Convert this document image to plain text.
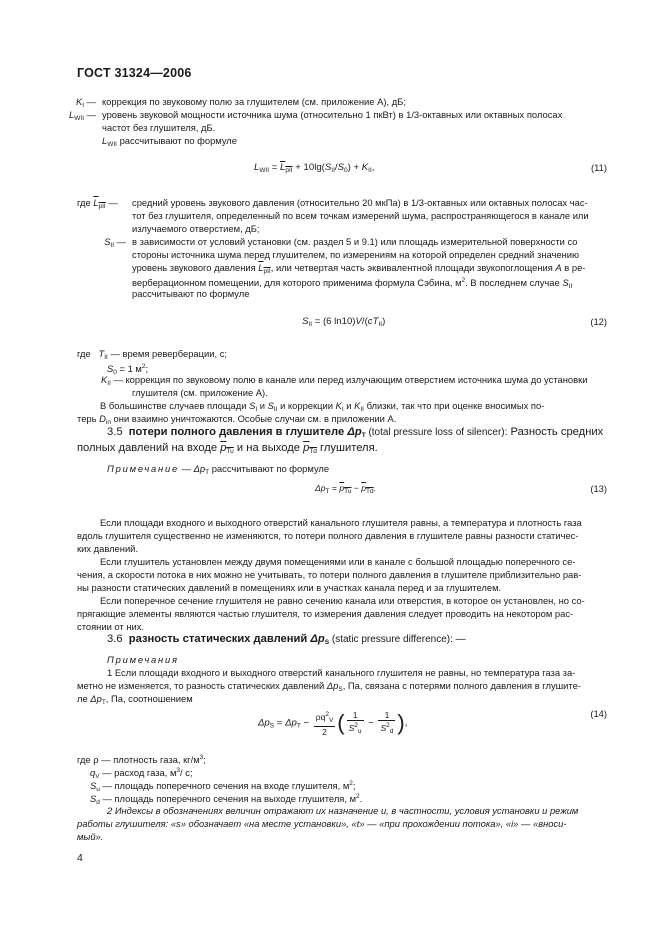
ГОСТ 31324—2006
$K_I$ — коррекция по звуковому полю за глушителем (см. приложение А), дБ;
$L_{WII}$ — уровень звуковой мощности источника шума (относительно 1 пкВт) в 1/3-октавных или октавных полосах
частот без глушителя, дБ.
$L_{WII}$ рассчитывают по формуле
$L_{WII} = L_{pII} + 10\lg(S_{II}/S_0) + K_{II}$,	(11)
где $L_{pII}$ — средний уровень звукового давления (относительно 20 мкПа) в 1/3-октавных или октавных полосах час-
тот без глушителя, определенный по всем точкам измерений шума, распространяющегося в канале или
излучаемого отверстием, дБ;
$S_{II}$ — в зависимости от условий установки (см. раздел 5 и 9.1) или площадь измерительной поверхности со
стороны источника шума перед глушителем, по измерениям на которой определен средний значению
уровень звукового давления $L_{pII}$, или четвертая часть эквивалентной площади звукопоглощения A в ре-
верберационном помещении, для которого применима формула Сэбина, $м^2$. В последнем случае $S_{II}$
рассчитывают по формуле
$S_{II} = (6$ $\ln 10)V/(cT_{II})$	(12)
где $T_{II}$ — время реверберации, с;
$S_0 = 1$ $м^2$;
$K_{II}$ — коррекция по звуковому полю в канале или перед излучающим отверстием источника шума до установки
глушителя (см. приложение А).
В большинстве случаев площади $S_I$ и $S_{II}$ и коррекции $K_I$ и $K_{II}$ близки, так что при оценке вносимых по-
терь $D_{in}$ они взаимно уничтожаются. Особые случаи см. в приложении А.
3.5 потери полного давления в глушителе $\Delta p_T$ (total pressure loss of silencer): Разность средних
полных давлений на входе $p_{Tu}$ и на выходе $p_{Td}$ глушителя.
Примечание — $\Delta p_T$ рассчитывают по формуле
$\Delta p_T = p_{Tu} - p_{Td}$.	(13)
Если площади входного и выходного отверстий канального глушителя равны, а температура и плотность газа
вдоль глушителя существенно не изменяются, то потери полного давления в глушителе равны разности статичес-
ких давлений.
Если глушитель установлен между двумя помещениями или в канале с большой площадью поперечного се-
чения, а скорости потока в них можно не учитывать, то потери полного давления в глушителе приблизительно рав-
ны разности статических давлений в помещениях или в участках канала перед и за глушителем.
Если поперечное сечение глушителя не равно сечению канала или отверстия, в которое он установлен, но со-
прягающие элементы являются частью глушителя, то измерения давления следует проводить на некотором рас-
стоянии от них.
3.6 разность статических давлений $\Delta p_S$ (static pressure difference): —
Примечания
1 Если площади входного и выходного отверстий канального глушителя не равны, но температура газа за-
метно не изменяется, то разность статических давлений $\Delta p_S$, Па, связана с потерями полного давления в глушите-
ле $\Delta p_T$, Па, соотношением
$\Delta p_S = \Delta p_T - \frac{\rho q^2_V}{2}$ ( $\frac{1}{S^2_u} - \frac{1}{S^2_d}$ ),
(14)
где ρ — плотность газа, $кг/м^3$;
$q_V$ — расход газа, $м^3/$ с;
$S_u$ — площадь поперечного сечения на входе глушителя, $м^2$;
$S_d$ — площадь поперечного сечения на выходе глушителя, $м^2$.
2 Индексы в обозначениях величин отражают их назначение и, в частности, условия установки и режим
работы глушителя: «s» обозначает «на месте установки», «t» — «при прохождении потока», «i» — «вноси-
мый».
4
